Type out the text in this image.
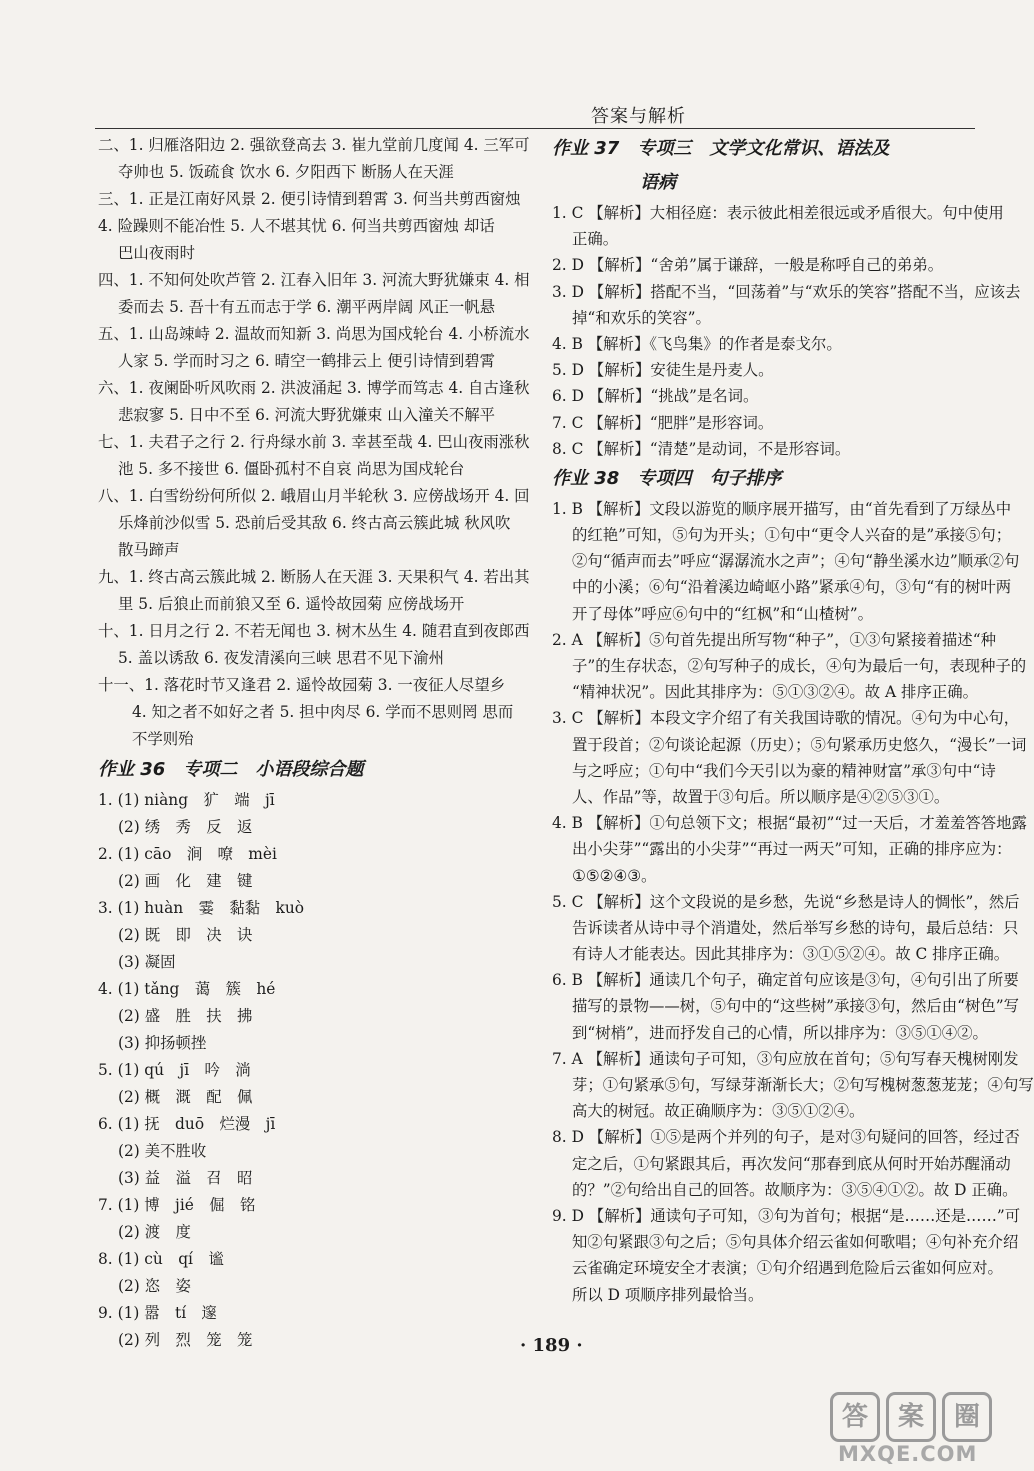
答案与解析
二、1. 归雁洛阳边 2. 强欲登高去 3. 崔九堂前几度闻 4. 三军可
夺帅也 5. 饭疏食 饮水 6. 夕阳西下 断肠人在天涯
三、1. 正是江南好风景 2. 便引诗情到碧霄 3. 何当共剪西窗烛
4. 险躁则不能冶性 5. 人不堪其忧 6. 何当共剪西窗烛 却话
巴山夜雨时
四、1. 不知何处吹芦管 2. 江春入旧年 3. 河流大野犹嫌束 4. 相
委而去 5. 吾十有五而志于学 6. 潮平两岸阔 风正一帆悬
五、1. 山岛竦峙 2. 温故而知新 3. 尚思为国戍轮台 4. 小桥流水
人家 5. 学而时习之 6. 晴空一鹤排云上 便引诗情到碧霄
六、1. 夜阑卧听风吹雨 2. 洪波涌起 3. 博学而笃志 4. 自古逢秋
悲寂寥 5. 日中不至 6. 河流大野犹嫌束 山入潼关不解平
七、1. 夫君子之行 2. 行舟绿水前 3. 幸甚至哉 4. 巴山夜雨涨秋
池 5. 多不接世 6. 僵卧孤村不自哀 尚思为国戍轮台
八、1. 白雪纷纷何所似 2. 峨眉山月半轮秋 3. 应傍战场开 4. 回
乐烽前沙似雪 5. 恐前后受其敌 6. 终古高云簇此城 秋风吹
散马蹄声
九、1. 终古高云簇此城 2. 断肠人在天涯 3. 天果积气 4. 若出其
里 5. 后狼止而前狼又至 6. 遥怜故园菊 应傍战场开
十、1. 日月之行 2. 不若无闻也 3. 树木丛生 4. 随君直到夜郎西
5. 盖以诱敌 6. 夜发清溪向三峡 思君不见下渝州
十一、1. 落花时节又逢君 2. 遥怜故园菊 3. 一夜征人尽望乡
4. 知之者不如好之者 5. 担中肉尽 6. 学而不思则罔 思而
不学则殆
作业 36　专项二　小语段综合题
1. (1) niàng　犷　端　jī
(2) 绣　秀　反　返
2. (1) cāo　涧　嘹　mèi
(2) 画　化　建　键
3. (1) huàn　霎　黏黏　kuò
(2) 既　即　决　诀
(3) 凝固
4. (1) tǎng　蔼　簇　hé
(2) 盛　胜　扶　拂
(3) 抑扬顿挫
5. (1) qú　jī　吟　淌
(2) 概　溉　配　佩
6. (1) 抚　duō　烂漫　jī
(2) 美不胜收
(3) 益　溢　召　昭
7. (1) 博　jié　倔　铭
(2) 渡　度
8. (1) cù　qí　谧
(2) 恣　姿
9. (1) 嚣　tí　邃
(2) 列　烈　笼　笼
作业 37　专项三　文学文化常识、语法及
语病
1. C 【解析】大相径庭：表示彼此相差很远或矛盾很大。句中使用
正确。
2. D 【解析】“舍弟”属于谦辞，一般是称呼自己的弟弟。
3. D 【解析】搭配不当，“回荡着”与“欢乐的笑容”搭配不当，应该去
掉“和欢乐的笑容”。
4. B 【解析】《飞鸟集》的作者是泰戈尔。
5. D 【解析】安徒生是丹麦人。
6. D 【解析】“挑战”是名词。
7. C 【解析】“肥胖”是形容词。
8. C 【解析】“清楚”是动词，不是形容词。
作业 38　专项四　句子排序
1. B 【解析】文段以游览的顺序展开描写，由“首先看到了万绿丛中
的红艳”可知，⑤句为开头；①句中“更令人兴奋的是”承接⑤句；
②句“循声而去”呼应“潺潺流水之声”；④句“静坐溪水边”顺承②句
中的小溪；⑥句“沿着溪边崎岖小路”紧承④句，③句“有的树叶两
开了母体”呼应⑥句中的“红枫”和“山楂树”。
2. A 【解析】⑤句首先提出所写物“种子”，①③句紧接着描述“种
子”的生存状态，②句写种子的成长，④句为最后一句，表现种子的
“精神状况”。因此其排序为：⑤①③②④。故 A 排序正确。
3. C 【解析】本段文字介绍了有关我国诗歌的情况。④句为中心句，
置于段首；②句谈论起源（历史）；⑤句紧承历史悠久，“漫长”一词
与之呼应；①句中“我们今天引以为豪的精神财富”承③句中“诗
人、作品”等，故置于③句后。所以顺序是④②⑤③①。
4. B 【解析】①句总领下文；根据“最初”“过一天后，才羞羞答答地露
出小尖芽”“露出的小尖芽”“再过一两天”可知，正确的排序应为：
①⑤②④③。
5. C 【解析】这个文段说的是乡愁，先说“乡愁是诗人的惆怅”，然后
告诉读者从诗中寻个消遣处，然后举写乡愁的诗句，最后总结：只
有诗人才能表达。因此其排序为：③①⑤②④。故 C 排序正确。
6. B 【解析】通读几个句子，确定首句应该是③句，④句引出了所要
描写的景物——树，⑤句中的“这些树”承接③句，然后由“树色”写
到“树梢”，进而抒发自己的心情，所以排序为：③⑤①④②。
7. A 【解析】通读句子可知，③句应放在首句；⑤句写春天槐树刚发
芽；①句紧承⑤句，写绿芽渐渐长大；②句写槐树葱葱茏茏；④句写
高大的树冠。故正确顺序为：③⑤①②④。
8. D 【解析】①⑤是两个并列的句子，是对③句疑问的回答，经过否
定之后，①句紧跟其后，再次发问“那春到底从何时开始苏醒涌动
的？”②句给出自己的回答。故顺序为：③⑤④①②。故 D 正确。
9. D 【解析】通读句子可知，③句为首句；根据“是……还是……”可
知②句紧跟③句之后；⑤句具体介绍云雀如何歌唱；④句补充介绍
云雀确定环境安全才表演；①句介绍遇到危险后云雀如何应对。
所以 D 项顺序排列最恰当。
· 189 ·
答	案	圈
MXQE.COM
